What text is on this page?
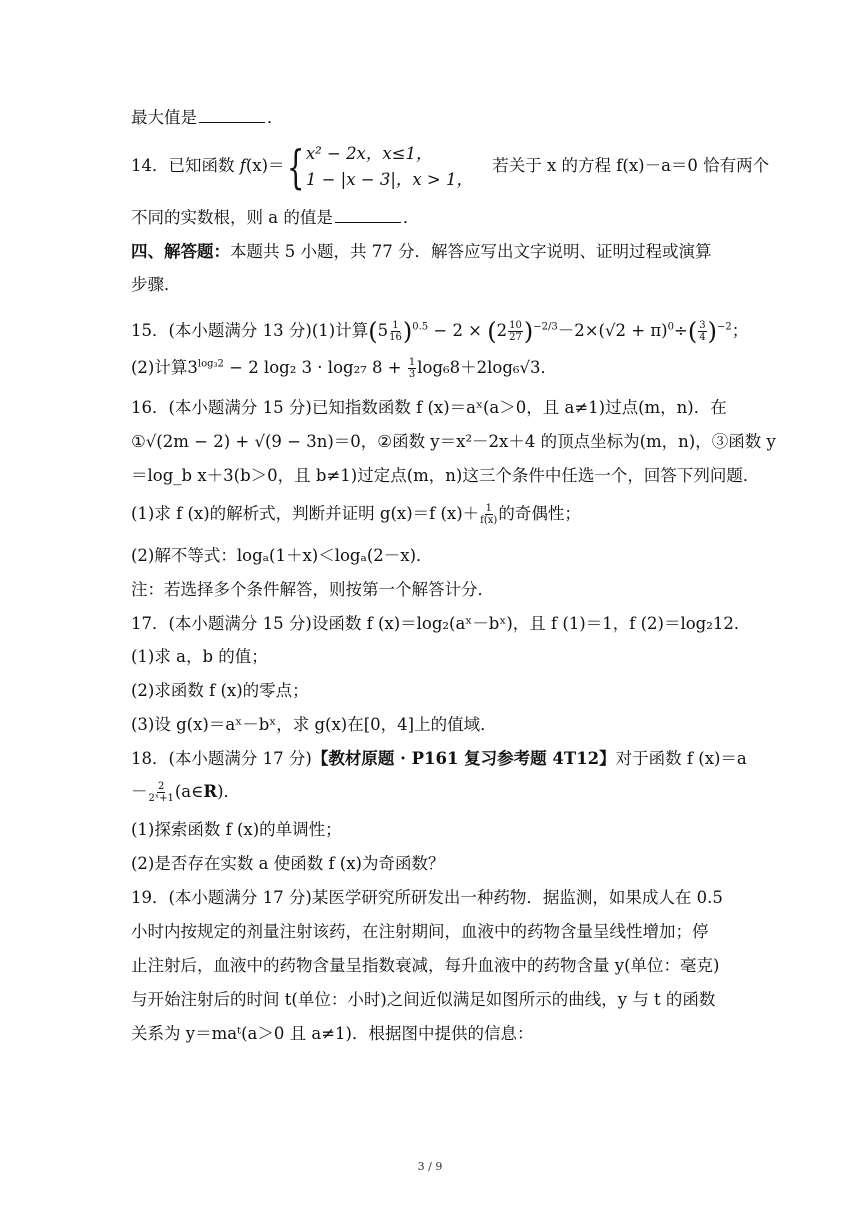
最大值是	．
14．已知函数 f(x)＝{ x² − 2x，x≤1，
1 − |x − 3|，x > 1，
若关于 x 的方程 f(x)－a＝0 恰有两个
不同的实数根，则 a 的值是	．
四、解答题：本题共 5 小题，共 77 分．解答应写出文字说明、证明过程或演算
步骤．
15．(本小题满分 13 分)(1)计算$(5 \frac{1}{16} )^{0.5} - 2 \times (2 \frac{10}{27} )^{-2/3}-2\times(√2 + \pi)^0\div( \frac{3}{4} )^{-2}$；
(2)计算$3^{log_32} - 2$ log₂ 3 · log₂₇ $8 + \frac{1}{3} \log_68+2\log_6√3$．
16．(本小题满分 15 分)已知指数函数 f (x)＝aˣ(a＞0，且 a≠1)过点(m，n)．在
①√(2m − 2) + √(9 − 3n)＝0，②函数 y＝x²－2x＋4 的顶点坐标为(m，n)，③函数 y
＝log_b x＋3(b＞0，且 b≠1)过定点(m，n)这三个条件中任选一个，回答下列问题．
(1)求 f (x)的解析式，判断并证明 g(x)＝f $(x)+ \frac{1}{f(x)}$ 的奇偶性；
(2)解不等式：logₐ(1＋x)＜logₐ(2－x)．
注：若选择多个条件解答，则按第一个解答计分．
17．(本小题满分 15 分)设函数 f (x)＝log₂(aˣ－bˣ)，且 f (1)＝1，f (2)＝log₂12．
(1)求 a，b 的值；
(2)求函数 f (x)的零点；
(3)设 g(x)＝aˣ－bˣ，求 g(x)在[0，4]上的值域．
18．(本小题满分 17 分)【教材原题 · P161 复习参考题 4T12】对于函数 f (x)＝a
－ $\frac{2}{\text{2ˣ+1}}$ (a∈R)．
(1)探索函数 f (x)的单调性；
(2)是否存在实数 a 使函数 f (x)为奇函数？
19．(本小题满分 17 分)某医学研究所研发出一种药物．据监测，如果成人在 0.5
小时内按规定的剂量注射该药，在注射期间，血液中的药物含量呈线性增加；停
止注射后，血液中的药物含量呈指数衰减，每升血液中的药物含量 y(单位：毫克)
与开始注射后的时间 t(单位：小时)之间近似满足如图所示的曲线，y 与 t 的函数
关系为 y＝maᵗ(a＞0 且 a≠1)．根据图中提供的信息：
3 / 9
